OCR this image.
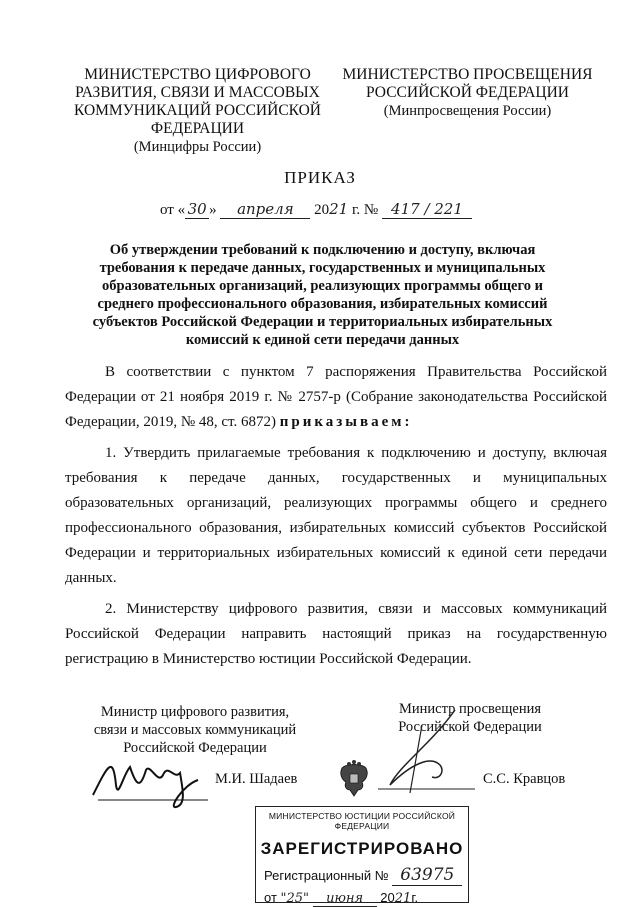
МИНИСТЕРСТВО ЦИФРОВОГО
РАЗВИТИЯ, СВЯЗИ И МАССОВЫХ
КОММУНИКАЦИЙ РОССИЙСКОЙ
ФЕДЕРАЦИИ
(Минцифры России)
МИНИСТЕРСТВО ПРОСВЕЩЕНИЯ
РОССИЙСКОЙ ФЕДЕРАЦИИ
(Минпросвещения России)
ПРИКАЗ
от « 30 » апреля 2021 г. № 417 / 221
Об утверждении требований к подключению и доступу, включая
требования к передаче данных, государственных и муниципальных
образовательных организаций, реализующих программы общего и
среднего профессионального образования, избирательных комиссий
субъектов Российской Федерации и территориальных избирательных
комиссий к единой сети передачи данных

В соответствии с пунктом 7 распоряжения Правительства Российской Федерации от 21 ноября 2019 г. № 2757-р (Собрание законодательства Российской Федерации, 2019, № 48, ст. 6872) приказываем:

1. Утвердить прилагаемые требования к подключению и доступу, включая требования к передаче данных, государственных и муниципальных образовательных организаций, реализующих программы общего и среднего профессионального образования, избирательных комиссий субъектов Российской Федерации и территориальных избирательных комиссий к единой сети передачи данных.

2. Министерству цифрового развития, связи и массовых коммуникаций Российской Федерации направить настоящий приказ на государственную регистрацию в Министерство юстиции Российской Федерации.

Министр цифрового развития,
связи и массовых коммуникаций
Российской Федерации
Министр просвещения
Российской Федерации
М.И. Шадаев	С.С. Кравцов
МИНИСТЕРСТВО ЮСТИЦИИ РОССИЙСКОЙ ФЕДЕРАЦИИ
ЗАРЕГИСТРИРОВАНО
Регистрационный № 63975
от "25" июня 2021г.
